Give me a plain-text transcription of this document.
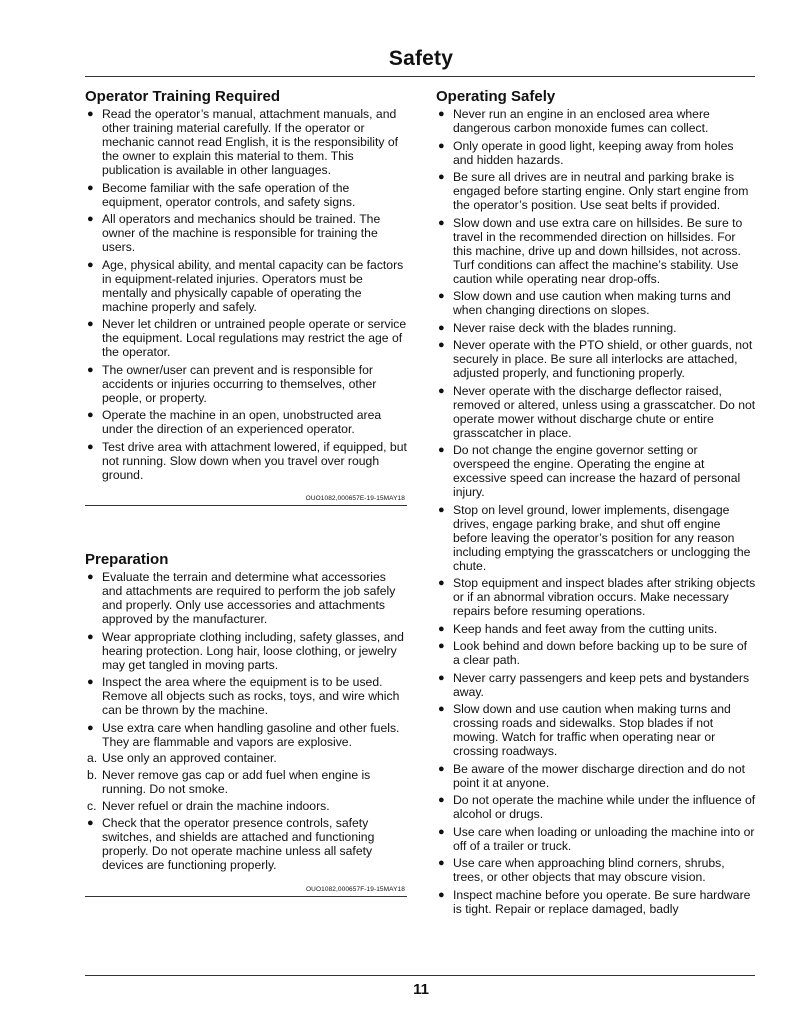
Safety
Operator Training Required
● Read the operator’s manual, attachment manuals, and other training material carefully. If the operator or mechanic cannot read English, it is the responsibility of the owner to explain this material to them. This publication is available in other languages.
● Become familiar with the safe operation of the equipment, operator controls, and safety signs.
● All operators and mechanics should be trained. The owner of the machine is responsible for training the users.
● Age, physical ability, and mental capacity can be factors in equipment-related injuries. Operators must be mentally and physically capable of operating the machine properly and safely.
● Never let children or untrained people operate or service the equipment. Local regulations may restrict the age of the operator.
● The owner/user can prevent and is responsible for accidents or injuries occurring to themselves, other people, or property.
● Operate the machine in an open, unobstructed area under the direction of an experienced operator.
● Test drive area with attachment lowered, if equipped, but not running. Slow down when you travel over rough ground.
OUO1082,000657E-19-15MAY18
Preparation
● Evaluate the terrain and determine what accessories and attachments are required to perform the job safely and properly. Only use accessories and attachments approved by the manufacturer.
● Wear appropriate clothing including, safety glasses, and hearing protection. Long hair, loose clothing, or jewelry may get tangled in moving parts.
● Inspect the area where the equipment is to be used. Remove all objects such as rocks, toys, and wire which can be thrown by the machine.
● Use extra care when handling gasoline and other fuels. They are flammable and vapors are explosive.
a. Use only an approved container.
b. Never remove gas cap or add fuel when engine is running. Do not smoke.
c. Never refuel or drain the machine indoors.
● Check that the operator presence controls, safety switches, and shields are attached and functioning properly. Do not operate machine unless all safety devices are functioning properly.
OUO1082,000657F-19-15MAY18
Operating Safely
● Never run an engine in an enclosed area where dangerous carbon monoxide fumes can collect.
● Only operate in good light, keeping away from holes and hidden hazards.
● Be sure all drives are in neutral and parking brake is engaged before starting engine. Only start engine from the operator’s position. Use seat belts if provided.
● Slow down and use extra care on hillsides. Be sure to travel in the recommended direction on hillsides. For this machine, drive up and down hillsides, not across. Turf conditions can affect the machine’s stability. Use caution while operating near drop-offs.
● Slow down and use caution when making turns and when changing directions on slopes.
● Never raise deck with the blades running.
● Never operate with the PTO shield, or other guards, not securely in place. Be sure all interlocks are attached, adjusted properly, and functioning properly.
● Never operate with the discharge deflector raised, removed or altered, unless using a grasscatcher. Do not operate mower without discharge chute or entire grasscatcher in place.
● Do not change the engine governor setting or overspeed the engine. Operating the engine at excessive speed can increase the hazard of personal injury.
● Stop on level ground, lower implements, disengage drives, engage parking brake, and shut off engine before leaving the operator’s position for any reason including emptying the grasscatchers or unclogging the chute.
● Stop equipment and inspect blades after striking objects or if an abnormal vibration occurs. Make necessary repairs before resuming operations.
● Keep hands and feet away from the cutting units.
● Look behind and down before backing up to be sure of a clear path.
● Never carry passengers and keep pets and bystanders away.
● Slow down and use caution when making turns and crossing roads and sidewalks. Stop blades if not mowing. Watch for traffic when operating near or crossing roadways.
● Be aware of the mower discharge direction and do not point it at anyone.
● Do not operate the machine while under the influence of alcohol or drugs.
● Use care when loading or unloading the machine into or off of a trailer or truck.
● Use care when approaching blind corners, shrubs, trees, or other objects that may obscure vision.
● Inspect machine before you operate. Be sure hardware is tight. Repair or replace damaged, badly
11
